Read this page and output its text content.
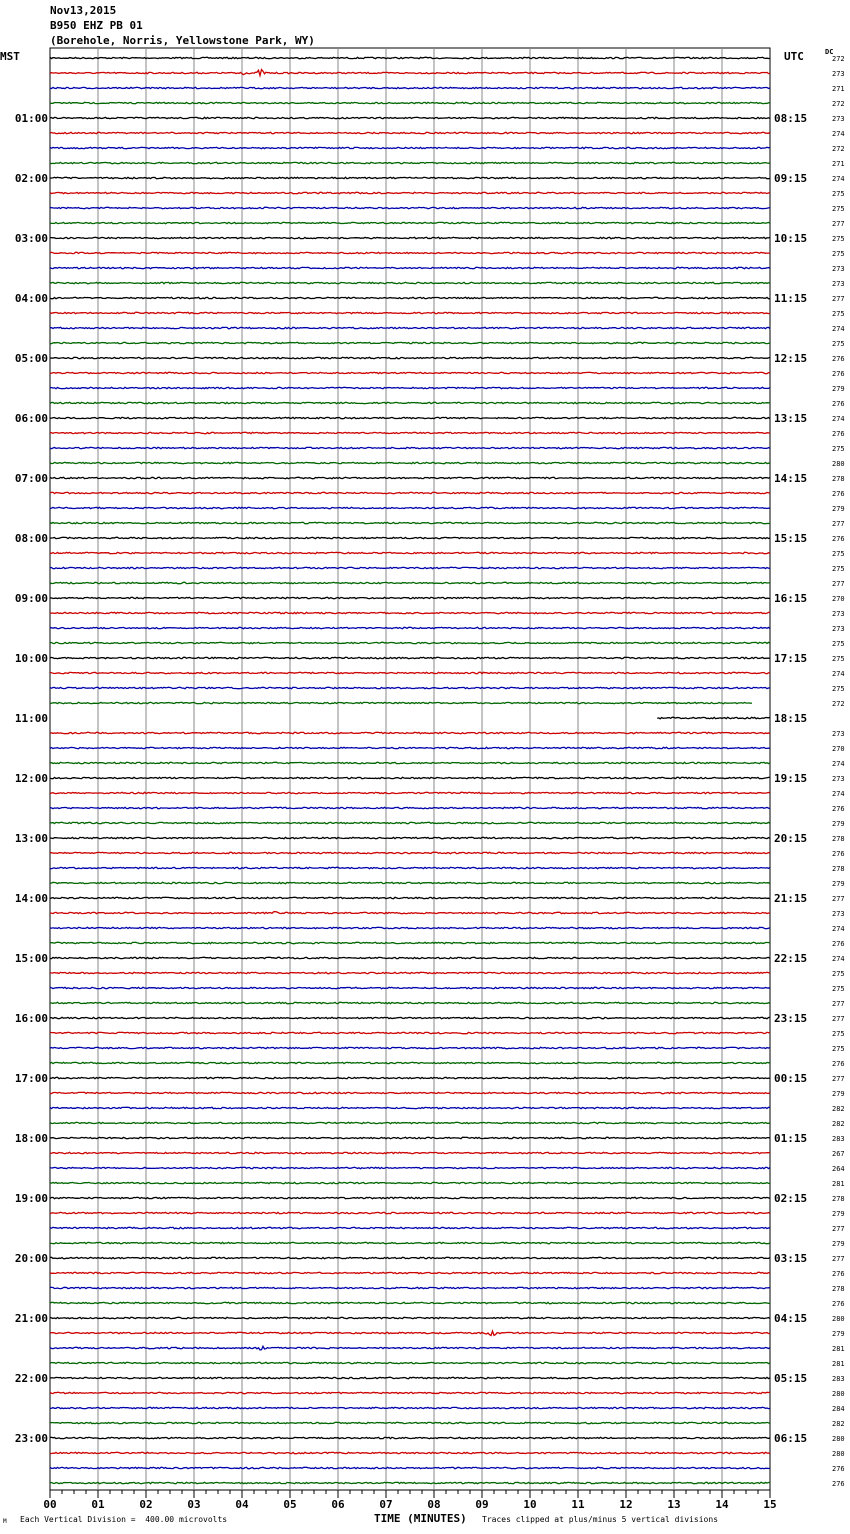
Nov13,2015
B950 EHZ PB 01
(Borehole, Norris, Yellowstone Park, WY)
MST	UTC	DC
272
273
271
272
273
274
272
271
274
275
275
277
275
275
273
273
277
275
274
275
276
276
279
276
274
276
275
280
278
276
279
277
276
275
275
277
270
273
273
275
275
274
275
272
273
270
274
273
274
276
279
278
276
278
279
277
273
274
276
274
275
275
277
277
275
275
276
277
279
282
282
283
267
264
281
278
279
277
279
277
276
278
276
280
279
281
281
283
280
284
282
280
280
276
276
01:00	08:15
02:00	09:15
03:00	10:15
04:00	11:15
05:00	12:15
06:00	13:15
07:00	14:15
08:00	15:15
09:00	16:15
10:00	17:15
11:00	18:15
12:00	19:15
13:00	20:15
14:00	21:15
15:00	22:15
16:00	23:15
17:00	00:15
18:00	01:15
19:00	02:15
20:00	03:15
21:00	04:15
22:00	05:15
23:00	06:15
00	01	02	03	04	05	06	07	08	09	10	11	12	13	14	15
TIME (MINUTES)
M Each Vertical Division =  400.00 microvolts	Traces clipped at plus/minus 5 vertical divisions
